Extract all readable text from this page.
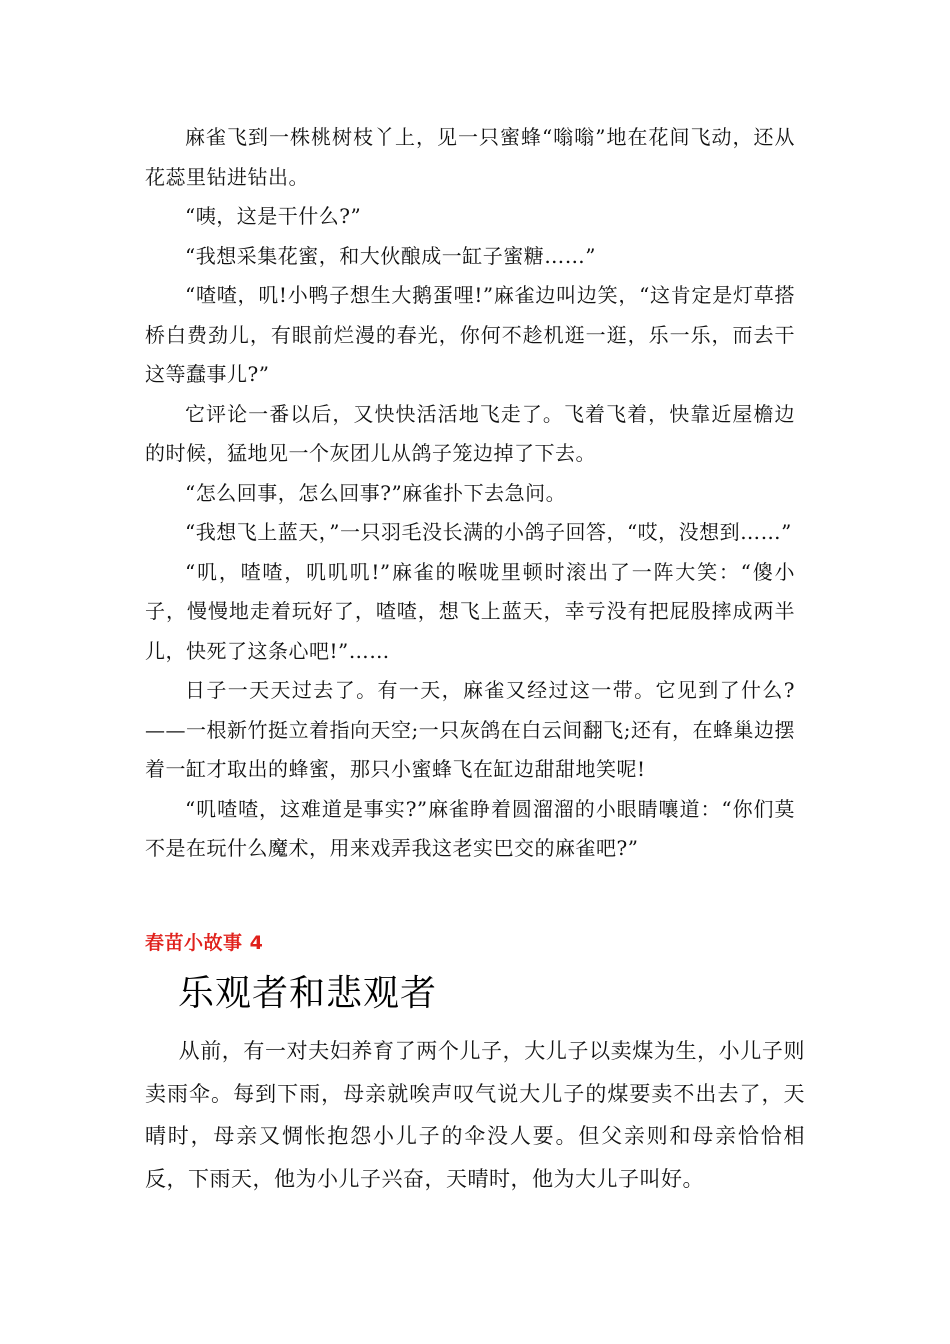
麻雀飞到一株桃树枝丫上，见一只蜜蜂“嗡嗡”地在花间飞动，还从花蕊里钻进钻出。

“咦，这是干什么?”

“我想采集花蜜，和大伙酿成一缸子蜜糖……”

“喳喳，叽!小鸭子想生大鹅蛋哩!”麻雀边叫边笑，“这肯定是灯草搭桥白费劲儿，有眼前烂漫的春光，你何不趁机逛一逛，乐一乐，而去干这等蠢事儿?”

它评论一番以后，又快快活活地飞走了。飞着飞着，快靠近屋檐边的时候，猛地见一个灰团儿从鸽子笼边掉了下去。

“怎么回事，怎么回事?”麻雀扑下去急问。

“我想飞上蓝天，”一只羽毛没长满的小鸽子回答，“哎，没想到……”

“叽，喳喳，叽叽叽!”麻雀的喉咙里顿时滚出了一阵大笑：“傻小子，慢慢地走着玩好了，喳喳，想飞上蓝天，幸亏没有把屁股摔成两半儿，快死了这条心吧!”……

日子一天天过去了。有一天，麻雀又经过这一带。它见到了什么?——一根新竹挺立着指向天空;一只灰鸽在白云间翻飞;还有，在蜂巢边摆着一缸才取出的蜂蜜，那只小蜜蜂飞在缸边甜甜地笑呢!

“叽喳喳，这难道是事实?”麻雀睁着圆溜溜的小眼睛嚷道：“你们莫不是在玩什么魔术，用来戏弄我这老实巴交的麻雀吧?”

春苗小故事 4
乐观者和悲观者

从前，有一对夫妇养育了两个儿子，大儿子以卖煤为生，小儿子则卖雨伞。每到下雨，母亲就唉声叹气说大儿子的煤要卖不出去了，天晴时，母亲又惆怅抱怨小儿子的伞没人要。但父亲则和母亲恰恰相反，下雨天，他为小儿子兴奋，天晴时，他为大儿子叫好。
